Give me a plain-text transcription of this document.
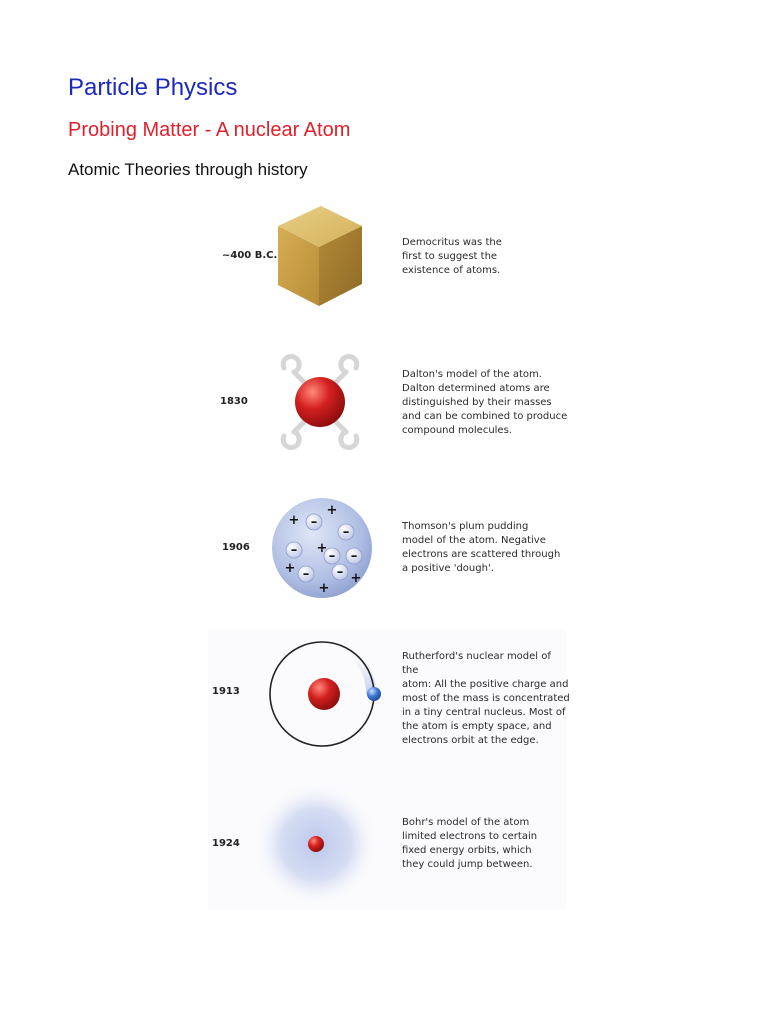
Particle Physics
Probing Matter - A nuclear Atom
Atomic Theories through history
~400 B.C.
Democritus was the
first to suggest the
existence of atoms.
1830
Dalton's model of the atom.
Dalton determined atoms are
distinguished by their masses
and can be combined to produce
compound molecules.
1906
–
–
– – –
– –
+
+
+
+
+
+
Thomson's plum pudding
model of the atom. Negative
electrons are scattered through
a positive 'dough'.
1913
Rutherford's nuclear model of the
atom: All the positive charge and
most of the mass is concentrated
in a tiny central nucleus. Most of
the atom is empty space, and
electrons orbit at the edge.
1924
Bohr's model of the atom
limited electrons to certain
fixed energy orbits, which
they could jump between.
